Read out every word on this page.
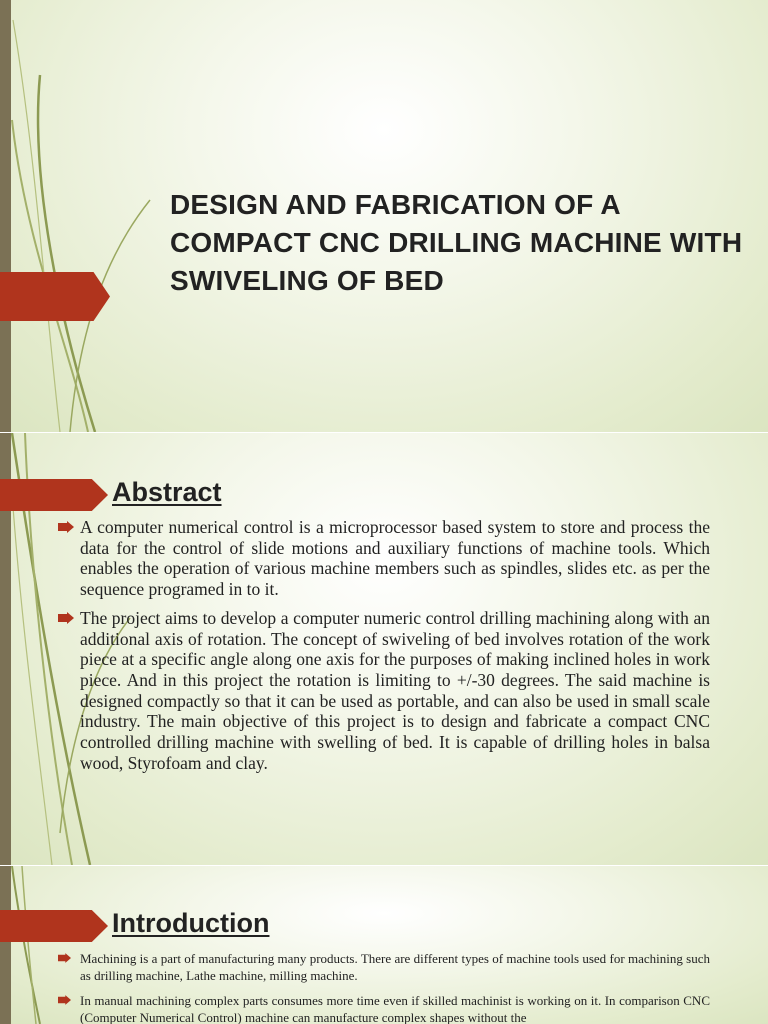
DESIGN AND FABRICATION OF A COMPACT CNC DRILLING MACHINE WITH SWIVELING OF BED
Abstract
A computer numerical control is a microprocessor based system to store and process the data for the control of slide motions and auxiliary functions of machine tools. Which enables the operation of various machine members such as spindles, slides etc. as per the sequence programed in to it.
The project aims to develop a computer numeric control drilling machining along with an additional axis of rotation. The concept of swiveling of bed involves rotation of the work piece at a specific angle along one axis for the purposes of making inclined holes in work piece. And in this project the rotation is limiting to +/-30 degrees. The said machine is designed compactly so that it can be used as portable, and can also be used in small scale industry. The main objective of this project is to design and fabricate a compact CNC controlled drilling machine with swelling of bed. It is capable of drilling holes in balsa wood, Styrofoam and clay.
Introduction
Machining is a part of manufacturing many products. There are different types of machine tools used for machining such as drilling machine, Lathe machine, milling machine.
In manual machining complex parts consumes more time even if skilled machinist is working on it. In comparison CNC (Computer Numerical Control) machine can manufacture complex shapes without the
